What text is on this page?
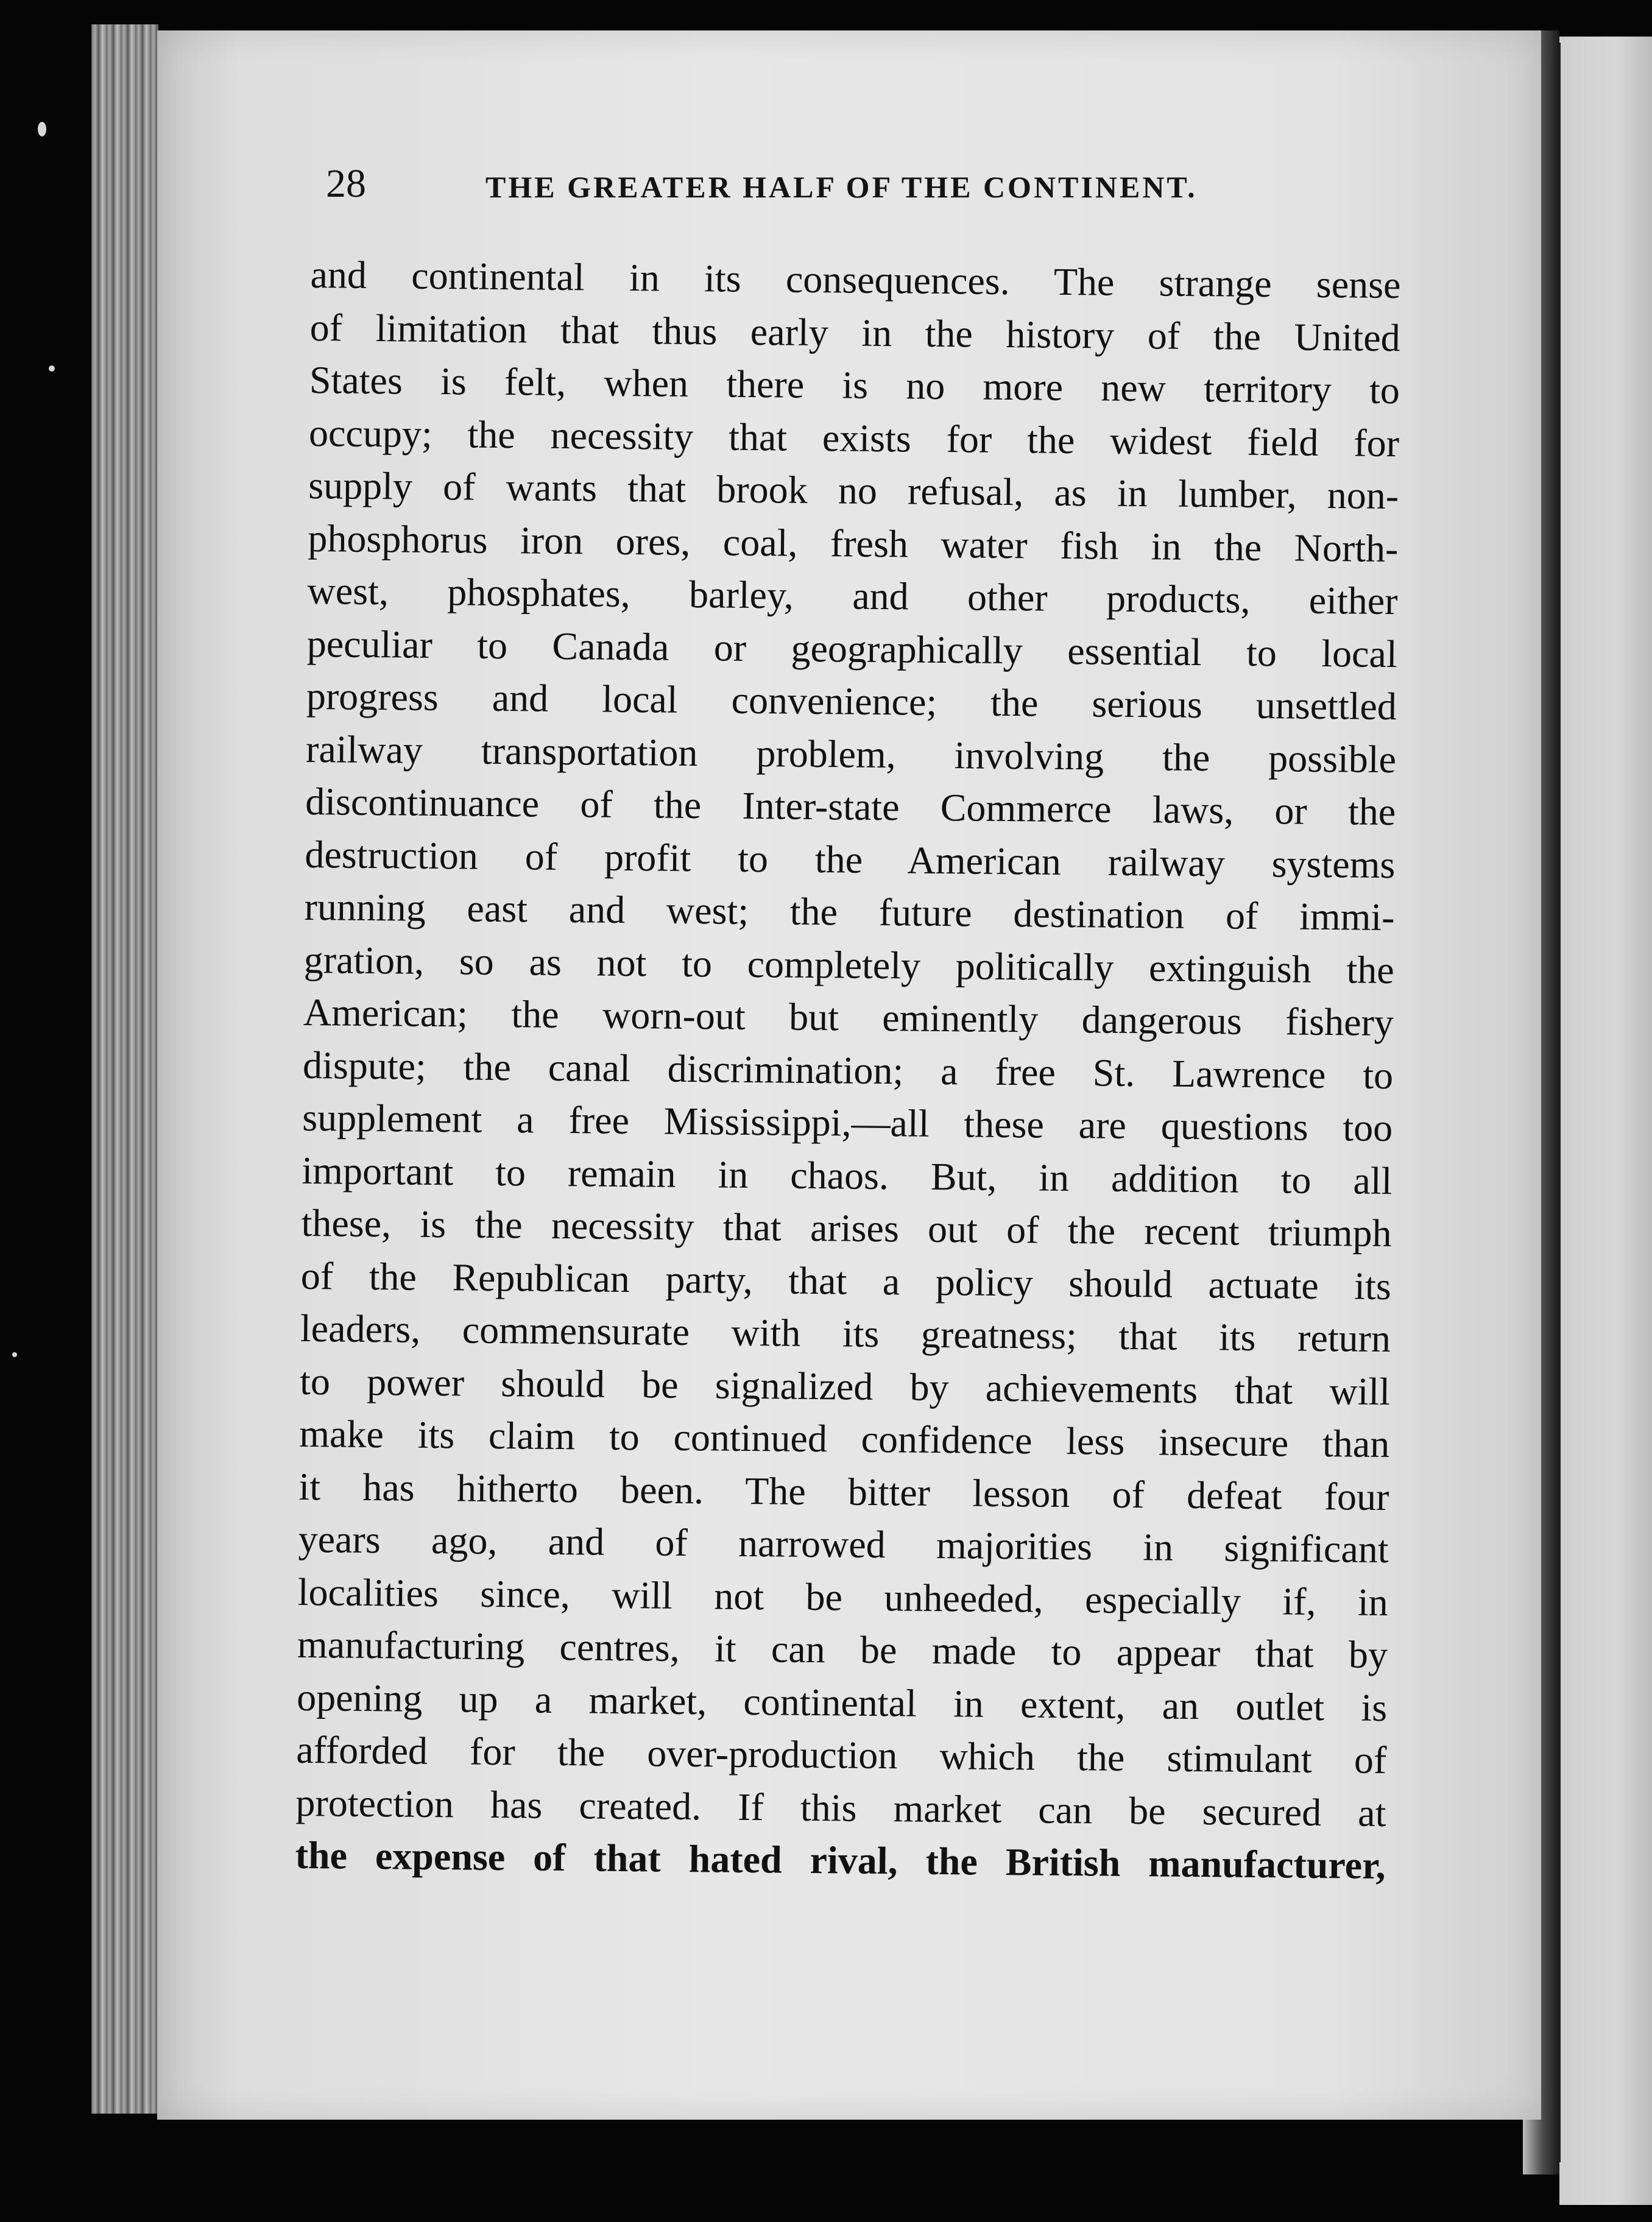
28	THE GREATER HALF OF THE CONTINENT.
and continental in its consequences. The strange sense
of limitation that thus early in the history of the United
States is felt, when there is no more new territory to
occupy; the necessity that exists for the widest field for
supply of wants that brook no refusal, as in lumber, non-
phosphorus iron ores, coal, fresh water fish in the North-
west, phosphates, barley, and other products, either
peculiar to Canada or geographically essential to local
progress and local convenience; the serious unsettled
railway transportation problem, involving the possible
discontinuance of the Inter-state Commerce laws, or the
destruction of profit to the American railway systems
running east and west; the future destination of immi-
gration, so as not to completely politically extinguish the
American; the worn-out but eminently dangerous fishery
dispute; the canal discrimination; a free St. Lawrence to
supplement a free Mississippi,—all these are questions too
important to remain in chaos. But, in addition to all
these, is the necessity that arises out of the recent triumph
of the Republican party, that a policy should actuate its
leaders, commensurate with its greatness; that its return
to power should be signalized by achievements that will
make its claim to continued confidence less insecure than
it has hitherto been. The bitter lesson of defeat four
years ago, and of narrowed majorities in significant
localities since, will not be unheeded, especially if, in
manufacturing centres, it can be made to appear that by
opening up a market, continental in extent, an outlet is
afforded for the over-production which the stimulant of
protection has created. If this market can be secured at
the expense of that hated rival, the British manufacturer,
